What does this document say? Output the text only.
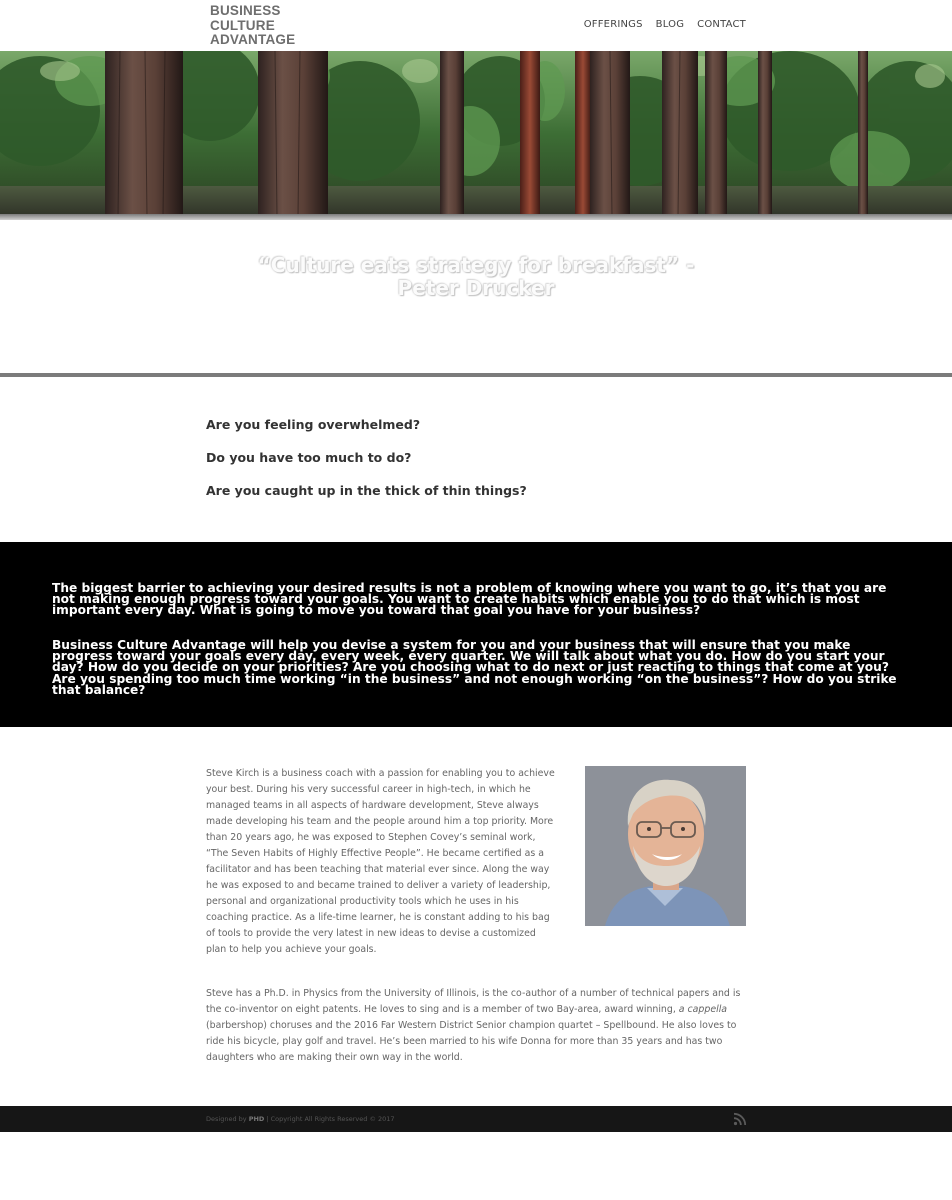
BUSINESS
CULTURE
ADVANTAGE
OFFERINGS BLOG CONTACT
“Culture eats strategy for breakfast” - Peter Drucker

Are you feeling overwhelmed?

Do you have too much to do?

Are you caught up in the thick of thin things?

The biggest barrier to achieving your desired results is not a problem of knowing where you want to go, it’s that you are not making enough progress toward your goals. You want to create habits which enable you to do that which is most important every day. What is going to move you toward that goal you have for your business?

Business Culture Advantage will help you devise a system for you and your business that will ensure that you make progress toward your goals every day, every week, every quarter. We will talk about what you do. How do you start your day? How do you decide on your priorities? Are you choosing what to do next or just reacting to things that come at you? Are you spending too much time working “in the business” and not enough working “on the business”? How do you strike that balance?

Steve Kirch is a business coach with a passion for enabling you to achieve your best. During his very successful career in high-tech, in which he managed teams in all aspects of hardware development, Steve always made developing his team and the people around him a top priority. More than 20 years ago, he was exposed to Stephen Covey’s seminal work, “The Seven Habits of Highly Effective People”. He became certified as a facilitator and has been teaching that material ever since. Along the way he was exposed to and became trained to deliver a variety of leadership, personal and organizational productivity tools which he uses in his coaching practice. As a life-time learner, he is constant adding to his bag of tools to provide the very latest in new ideas to devise a customized plan to help you achieve your goals.

Steve has a Ph.D. in Physics from the University of Illinois, is the co-author of a number of technical papers and is the co-inventor on eight patents. He loves to sing and is a member of two Bay-area, award winning, a cappella (barbershop) choruses and the 2016 Far Western District Senior champion quartet – Spellbound. He also loves to ride his bicycle, play golf and travel. He’s been married to his wife Donna for more than 35 years and has two daughters who are making their own way in the world.

Designed by PHD | Copyright All Rights Reserved © 2017
